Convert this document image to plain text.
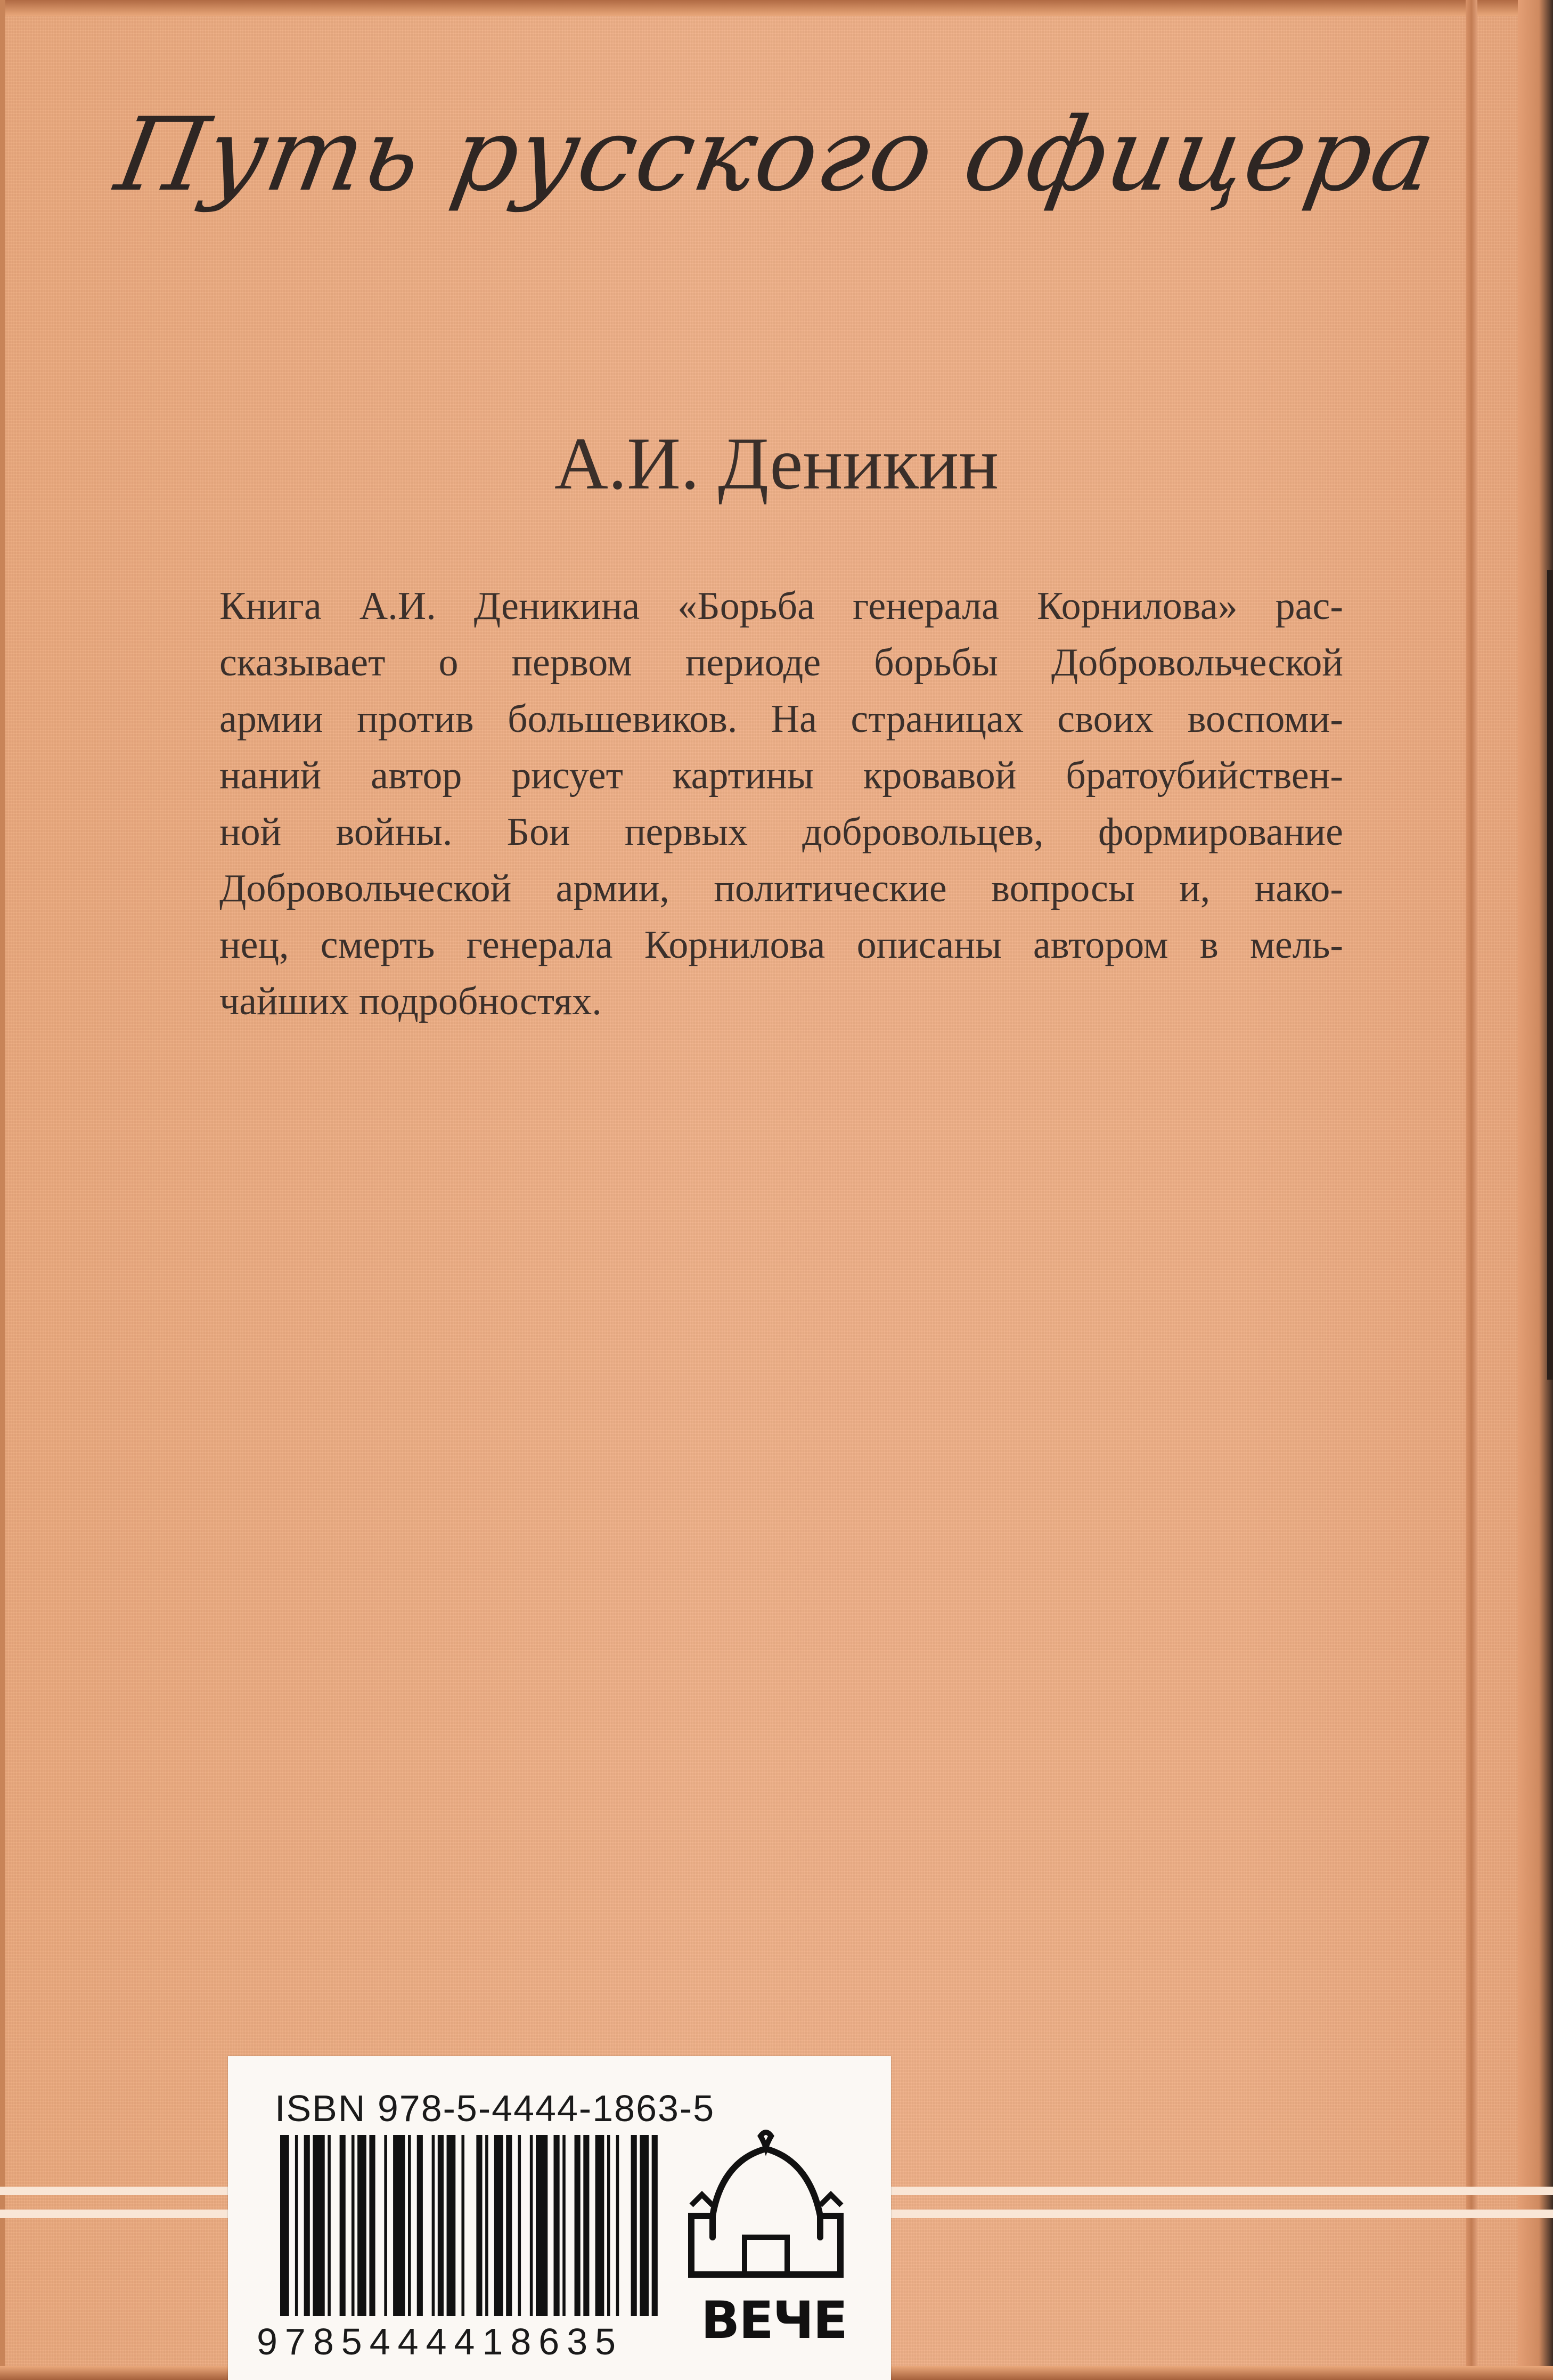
Путь русского офицера
А.И. Деникин
Книга А.И. Деникина «Борьба генерала Корнилова» рас-
сказывает о первом периоде борьбы Добровольческой
армии против большевиков. На страницах своих воспоми-
наний автор рисует картины кровавой братоубийствен-
ной войны. Бои первых добровольцев, формирование
Добровольческой армии, политические вопросы и, нако-
нец, смерть генерала Корнилова описаны автором в мель-
чайших подробностях.
ISBN 978-5-4444-1863-5
9785444418635 ВЕЧЕ
